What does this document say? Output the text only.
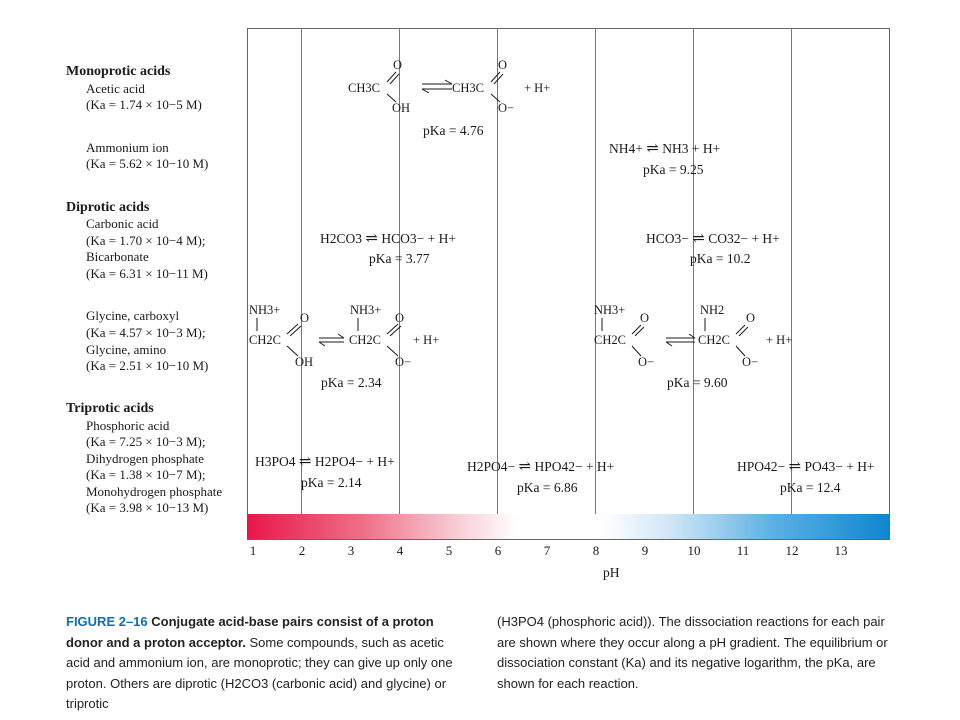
Monoprotic acids
Acetic acid
(Ka = 1.74 × 10−5 M)
Ammonium ion
(Ka = 5.62 × 10−10 M)
Diprotic acids
Carbonic acid
(Ka = 1.70 × 10−4 M);
Bicarbonate
(Ka = 6.31 × 10−11 M)
Glycine, carboxyl
(Ka = 4.57 × 10−3 M);
Glycine, amino
(Ka = 2.51 × 10−10 M)
Triprotic acids
Phosphoric acid
(Ka = 7.25 × 10−3 M);
Dihydrogen phosphate
(Ka = 1.38 × 10−7 M);
Monohydrogen phosphate
(Ka = 3.98 × 10−13 M)
1	2	3	4	5	6	7	8	9	10	11	12	13
pH
CH3C
O
OH
CH3C
O
O−
+ H+
pKa = 4.76
NH4+ ⇌ NH3 + H+
pKa = 9.25
H2CO3 ⇌ HCO3− + H+
pKa = 3.77
HCO3− ⇌ CO32− + H+
pKa = 10.2
NH3+
CH2C
O
OH
NH3+
CH2C
O
O−
+ H+
pKa = 2.34
NH3+
CH2C
O
O−
NH2
CH2C
O
O−
+ H+
pKa = 9.60
H3PO4 ⇌ H2PO4− + H+
pKa = 2.14
H2PO4− ⇌ HPO42− + H+
pKa = 6.86
HPO42− ⇌ PO43− + H+
pKa = 12.4
FIGURE 2–16 Conjugate acid-base pairs consist of a proton donor and a proton acceptor. Some compounds, such as acetic acid and ammonium ion, are monoprotic; they can give up only one proton. Others are diprotic (H2CO3 (carbonic acid) and glycine) or triprotic
(H3PO4 (phosphoric acid)). The dissociation reactions for each pair are shown where they occur along a pH gradient. The equilibrium or dissociation constant (Ka) and its negative logarithm, the pKa, are shown for each reaction.
